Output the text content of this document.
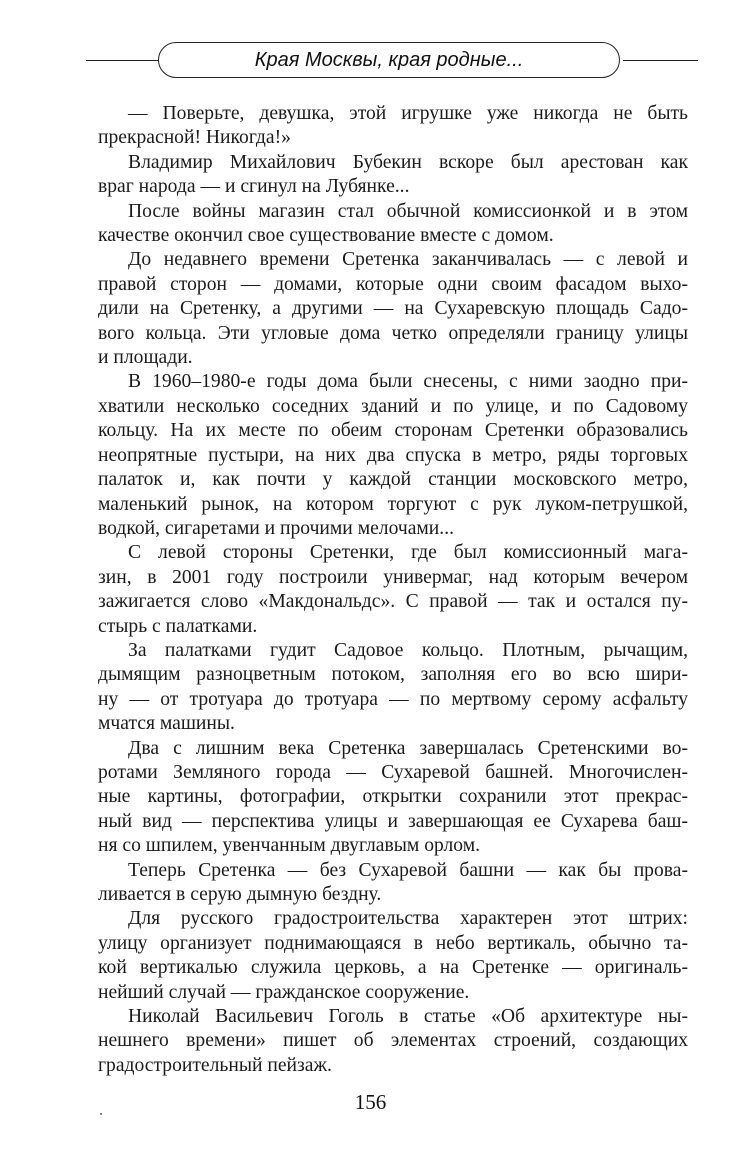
Края Москвы, края родные...
— Поверьте, девушка, этой игрушке уже никогда не быть
прекрасной! Никогда!»
Владимир Михайлович Бубекин вскоре был арестован как
враг народа — и сгинул на Лубянке...
После войны магазин стал обычной комиссионкой и в этом
качестве окончил свое существование вместе с домом.
До недавнего времени Сретенка заканчивалась — с левой и
правой сторон — домами, которые одни своим фасадом выхо-
дили на Сретенку, а другими — на Сухаревскую площадь Садо-
вого кольца. Эти угловые дома четко определяли границу улицы
и площади.
В 1960–1980-е годы дома были снесены, с ними заодно при-
хватили несколько соседних зданий и по улице, и по Садовому
кольцу. На их месте по обеим сторонам Сретенки образовались
неопрятные пустыри, на них два спуска в метро, ряды торговых
палаток и, как почти у каждой станции московского метро,
маленький рынок, на котором торгуют с рук луком-петрушкой,
водкой, сигаретами и прочими мелочами...
С левой стороны Сретенки, где был комиссионный мага-
зин, в 2001 году построили универмаг, над которым вечером
зажигается слово «Макдональдс». С правой — так и остался пу-
стырь с палатками.
За палатками гудит Садовое кольцо. Плотным, рычащим,
дымящим разноцветным потоком, заполняя его во всю шири-
ну — от тротуара до тротуара — по мертвому серому асфальту
мчатся машины.
Два с лишним века Сретенка завершалась Сретенскими во-
ротами Земляного города — Сухаревой башней. Многочислен-
ные картины, фотографии, открытки сохранили этот прекрас-
ный вид — перспектива улицы и завершающая ее Сухарева баш-
ня со шпилем, увенчанным двуглавым орлом.
Теперь Сретенка — без Сухаревой башни — как бы прова-
ливается в серую дымную бездну.
Для русского градостроительства характерен этот штрих:
улицу организует поднимающаяся в небо вертикаль, обычно та-
кой вертикалью служила церковь, а на Сретенке — оригиналь-
нейший случай — гражданское сооружение.
Николай Васильевич Гоголь в статье «Об архитектуре ны-
нешнего времени» пишет об элементах строений, создающих
градостроительный пейзаж.
156
